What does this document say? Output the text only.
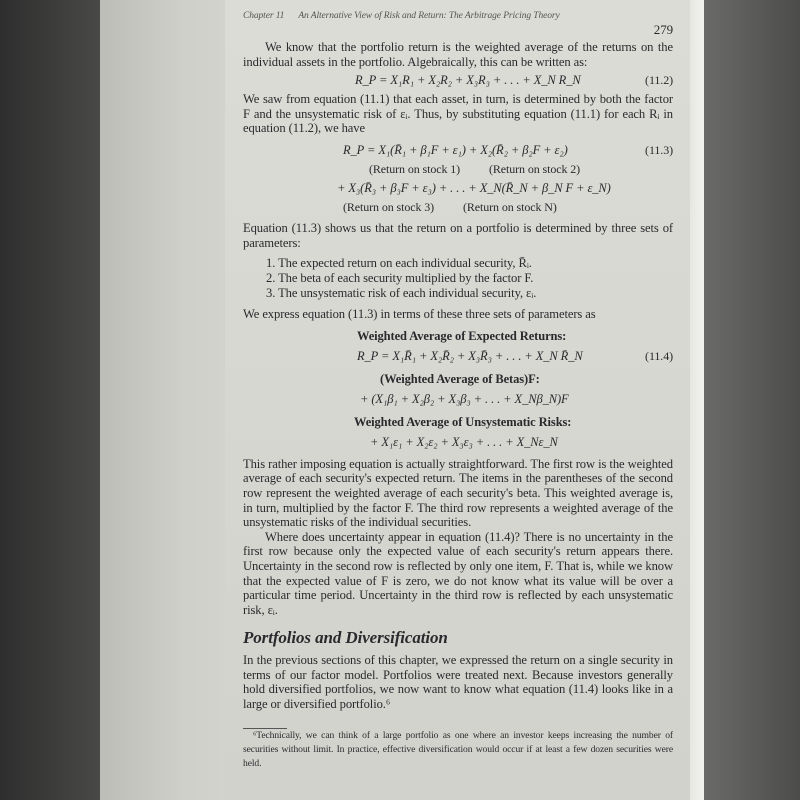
Chapter 11 An Alternative View of Risk and Return: The Arbitrage Pricing Theory
279

We know that the portfolio return is the weighted average of the returns on the individual assets in the portfolio. Algebraically, this can be written as:

R_P = X₁R₁ + X₂R₂ + X₃R₃ + . . . + X_N R_N	(11.2)

We saw from equation (11.1) that each asset, in turn, is determined by both the factor F and the unsystematic risk of εᵢ. Thus, by substituting equation (11.1) for each Rᵢ in equation (11.2), we have

R_P = X₁(R̄₁ + β₁F + ε₁) + X₂(R̄₂ + β₂F + ε₂)	(11.3)
(Return on stock 1)	(Return on stock 2)
+ X₃(R̄₃ + β₃F + ε₃) + . . . + X_N(R̄_N + β_N F + ε_N)
(Return on stock 3)	(Return on stock N)

Equation (11.3) shows us that the return on a portfolio is determined by three sets of parameters:

1. The expected return on each individual security, R̄ᵢ.
2. The beta of each security multiplied by the factor F.
3. The unsystematic risk of each individual security, εᵢ.

We express equation (11.3) in terms of these three sets of parameters as

Weighted Average of Expected Returns:
R_P = X₁R̄₁ + X₂R̄₂ + X₃R̄₃ + . . . + X_N R̄_N	(11.4)
(Weighted Average of Betas)F:
+ (X₁β₁ + X₂β₂ + X₃β₃ + . . . + X_Nβ_N)F
Weighted Average of Unsystematic Risks:
+ X₁ε₁ + X₂ε₂ + X₃ε₃ + . . . + X_Nε_N

This rather imposing equation is actually straightforward. The first row is the weighted average of each security's expected return. The items in the parentheses of the second row represent the weighted average of each security's beta. This weighted average is, in turn, multiplied by the factor F. The third row represents a weighted average of the unsystematic risks of the individual securities.

Where does uncertainty appear in equation (11.4)? There is no uncertainty in the first row because only the expected value of each security's return appears there. Uncertainty in the second row is reflected by only one item, F. That is, while we know that the expected value of F is zero, we do not know what its value will be over a particular time period. Uncertainty in the third row is reflected by each unsystematic risk, εᵢ.

Portfolios and Diversification

In the previous sections of this chapter, we expressed the return on a single security in terms of our factor model. Portfolios were treated next. Because investors generally hold diversified portfolios, we now want to know what equation (11.4) looks like in a large or diversified portfolio.⁶

⁶Technically, we can think of a large portfolio as one where an investor keeps increasing the number of securities without limit. In practice, effective diversification would occur if at least a few dozen securities were held.
